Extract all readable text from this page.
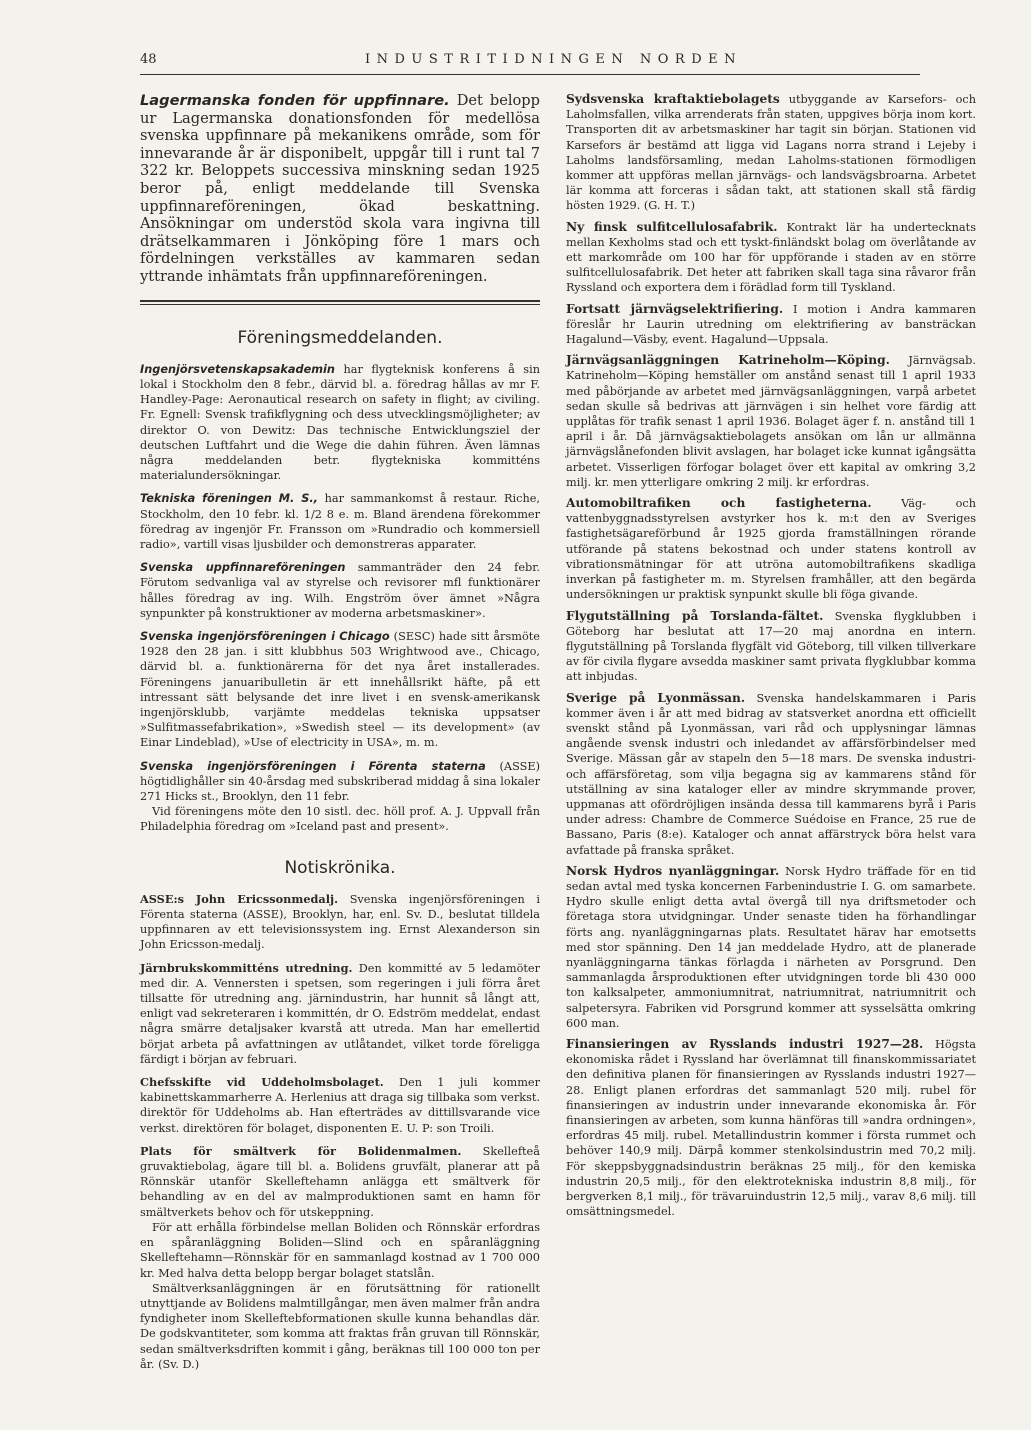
48	INDUSTRITIDNINGEN NORDEN

Lagermanska fonden för uppfinnare. Det belopp ur Lagermanska donationsfonden för medellösa svenska uppfinnare på mekanikens område, som för innevarande år är disponibelt, uppgår till i runt tal 7 322 kr. Beloppets successiva minskning sedan 1925 beror på, enligt meddelande till Svenska uppfinnareföreningen, ökad beskattning. Ansökningar om understöd skola vara ingivna till drätselkammaren i Jönköping före 1 mars och fördelningen verkställes av kammaren sedan yttrande inhämtats från uppfinnareföreningen.

Föreningsmeddelanden.

Ingenjörsvetenskapsakademin har flygteknisk konferens å sin lokal i Stockholm den 8 febr., därvid bl. a. föredrag hållas av mr F. Handley-Page: Aeronautical research on safety in flight; av civiling. Fr. Egnell: Svensk trafikflygning och dess utvecklingsmöjligheter; av direktor O. von Dewitz: Das technische Entwicklungsziel der deutschen Luftfahrt und die Wege die dahin führen. Även lämnas några meddelanden betr. flygtekniska kommitténs materialundersökningar.

Tekniska föreningen M. S., har sammankomst å restaur. Riche, Stockholm, den 10 febr. kl. 1/2 8 e. m. Bland ärendena förekommer föredrag av ingenjör Fr. Fransson om »Rundradio och kommersiell radio», vartill visas ljusbilder och demonstreras apparater.

Svenska uppfinnareföreningen sammanträder den 24 febr. Förutom sedvanliga val av styrelse och revisorer mfl funktionärer hålles föredrag av ing. Wilh. Engström över ämnet »Några synpunkter på konstruktioner av moderna arbetsmaskiner».

Svenska ingenjörsföreningen i Chicago (SESC) hade sitt årsmöte 1928 den 28 jan. i sitt klubbhus 503 Wrightwood ave., Chicago, därvid bl. a. funktionärerna för det nya året installerades. Föreningens januaribulletin är ett innehållsrikt häfte, på ett intressant sätt belysande det inre livet i en svensk-amerikansk ingenjörsklubb, varjämte meddelas tekniska uppsatser »Sulfitmassefabrikation», »Swedish steel — its development» (av Einar Lindeblad), »Use of electricity in USA», m. m.

Svenska ingenjörsföreningen i Förenta staterna (ASSE) högtidlighåller sin 40-årsdag med subskriberad middag å sina lokaler 271 Hicks st., Brooklyn, den 11 febr.

Vid föreningens möte den 10 sistl. dec. höll prof. A. J. Uppvall från Philadelphia föredrag om »Iceland past and present».

Notiskrönika.

ASSE:s John Ericssonmedalj. Svenska ingenjörsföreningen i Förenta staterna (ASSE), Brooklyn, har, enl. Sv. D., beslutat tilldela uppfinnaren av ett televisionssystem ing. Ernst Alexanderson sin John Ericsson-medalj.

Järnbrukskommitténs utredning. Den kommitté av 5 ledamöter med dir. A. Vennersten i spetsen, som regeringen i juli förra året tillsatte för utredning ang. järnindustrin, har hunnit så långt att, enligt vad sekreteraren i kommittén, dr O. Edström meddelat, endast några smärre detaljsaker kvarstå att utreda. Man har emellertid börjat arbeta på avfattningen av utlåtandet, vilket torde föreligga färdigt i början av februari.

Chefsskifte vid Uddeholmsbolaget. Den 1 juli kommer kabinettskammarherre A. Herlenius att draga sig tillbaka som verkst. direktör för Uddeholms ab. Han efterträdes av dittillsvarande vice verkst. direktören för bolaget, disponenten E. U. P: son Troili.

Plats för smältverk för Bolidenmalmen. Skellefteå gruvaktiebolag, ägare till bl. a. Bolidens gruvfält, planerar att på Rönnskär utanför Skelleftehamn anlägga ett smältverk för behandling av en del av malmproduktionen samt en hamn för smältverkets behov och för utskeppning.

För att erhålla förbindelse mellan Boliden och Rönnskär erfordras en spåranläggning Boliden—Slind och en spåranläggning Skelleftehamn—Rönnskär för en sammanlagd kostnad av 1 700 000 kr. Med halva detta belopp bergar bolaget statslån.

Smältverksanläggningen är en förutsättning för rationellt utnyttjande av Bolidens malmtillgångar, men även malmer från andra fyndigheter inom Skelleftebformationen skulle kunna behandlas där. De godskvantiteter, som komma att fraktas från gruvan till Rönnskär, sedan smältverksdriften kommit i gång, beräknas till 100 000 ton per år. (Sv. D.)

Sydsvenska kraftaktiebolagets utbyggande av Karsefors- och Laholmsfallen, vilka arrenderats från staten, uppgives börja inom kort. Transporten dit av arbetsmaskiner har tagit sin början. Stationen vid Karsefors är bestämd att ligga vid Lagans norra strand i Lejeby i Laholms landsförsamling, medan Laholms-stationen förmodligen kommer att uppföras mellan järnvägs- och landsvägsbroarna. Arbetet lär komma att forceras i sådan takt, att stationen skall stå färdig hösten 1929. (G. H. T.)

Ny finsk sulfitcellulosafabrik. Kontrakt lär ha undertecknats mellan Kexholms stad och ett tyskt-finländskt bolag om överlåtande av ett markområde om 100 har för uppförande i staden av en större sulfitcellulosafabrik. Det heter att fabriken skall taga sina råvaror från Ryssland och exportera dem i förädlad form till Tyskland.

Fortsatt järnvägselektrifiering. I motion i Andra kammaren föreslår hr Laurin utredning om elektrifiering av bansträckan Hagalund—Väsby, event. Hagalund—Uppsala.

Järnvägsanläggningen Katrineholm—Köping. Järnvägsab. Katrineholm—Köping hemställer om anstånd senast till 1 april 1933 med påbörjande av arbetet med järnvägsanläggningen, varpå arbetet sedan skulle så bedrivas att järnvägen i sin helhet vore färdig att upplåtas för trafik senast 1 april 1936. Bolaget äger f. n. anstånd till 1 april i år. Då järnvägsaktiebolagets ansökan om lån ur allmänna järnvägslånefonden blivit avslagen, har bolaget icke kunnat igångsätta arbetet. Visserligen förfogar bolaget över ett kapital av omkring 3,2 milj. kr. men ytterligare omkring 2 milj. kr erfordras.

Automobiltrafiken och fastigheterna. Väg- och vattenbyggnadsstyrelsen avstyrker hos k. m:t den av Sveriges fastighetsägareförbund år 1925 gjorda framställningen rörande utförande på statens bekostnad och under statens kontroll av vibrationsmätningar för att utröna automobiltrafikens skadliga inverkan på fastigheter m. m. Styrelsen framhåller, att den begärda undersökningen ur praktisk synpunkt skulle bli föga givande.

Flygutställning på Torslanda-fältet. Svenska flygklubben i Göteborg har beslutat att 17—20 maj anordna en intern. flygutställning på Torslanda flygfält vid Göteborg, till vilken tillverkare av för civila flygare avsedda maskiner samt privata flygklubbar komma att inbjudas.

Sverige på Lyonmässan. Svenska handelskammaren i Paris kommer även i år att med bidrag av statsverket anordna ett officiellt svenskt stånd på Lyonmässan, vari råd och upplysningar lämnas angående svensk industri och inledandet av affärsförbindelser med Sverige. Mässan går av stapeln den 5—18 mars. De svenska industri- och affärsföretag, som vilja begagna sig av kammarens stånd för utställning av sina kataloger eller av mindre skrymmande prover, uppmanas att ofördröjligen insända dessa till kammarens byrå i Paris under adress: Chambre de Commerce Suédoise en France, 25 rue de Bassano, Paris (8:e). Kataloger och annat affärstryck böra helst vara avfattade på franska språket.

Norsk Hydros nyanläggningar. Norsk Hydro träffade för en tid sedan avtal med tyska koncernen Farbenindustrie I. G. om samarbete. Hydro skulle enligt detta avtal övergå till nya driftsmetoder och företaga stora utvidgningar. Under senaste tiden ha förhandlingar förts ang. nyanläggningarnas plats. Resultatet härav har emotsetts med stor spänning. Den 14 jan meddelade Hydro, att de planerade nyanläggningarna tänkas förlagda i närheten av Porsgrund. Den sammanlagda årsproduktionen efter utvidgningen torde bli 430 000 ton kalksalpeter, ammoniumnitrat, natriumnitrat, natriumnitrit och salpetersyra. Fabriken vid Porsgrund kommer att sysselsätta omkring 600 man.

Finansieringen av Rysslands industri 1927—28. Högsta ekonomiska rådet i Ryssland har överlämnat till finanskommissariatet den definitiva planen för finansieringen av Rysslands industri 1927—28. Enligt planen erfordras det sammanlagt 520 milj. rubel för finansieringen av industrin under innevarande ekonomiska år. För finansieringen av arbeten, som kunna hänföras till »andra ordningen», erfordras 45 milj. rubel. Metallindustrin kommer i första rummet och behöver 140,9 milj. Därpå kommer stenkolsindustrin med 70,2 milj. För skeppsbyggnadsindustrin beräknas 25 milj., för den kemiska industrin 20,5 milj., för den elektrotekniska industrin 8,8 milj., för bergverken 8,1 milj., för trävaruindustrin 12,5 milj., varav 8,6 milj. till omsättningsmedel.
